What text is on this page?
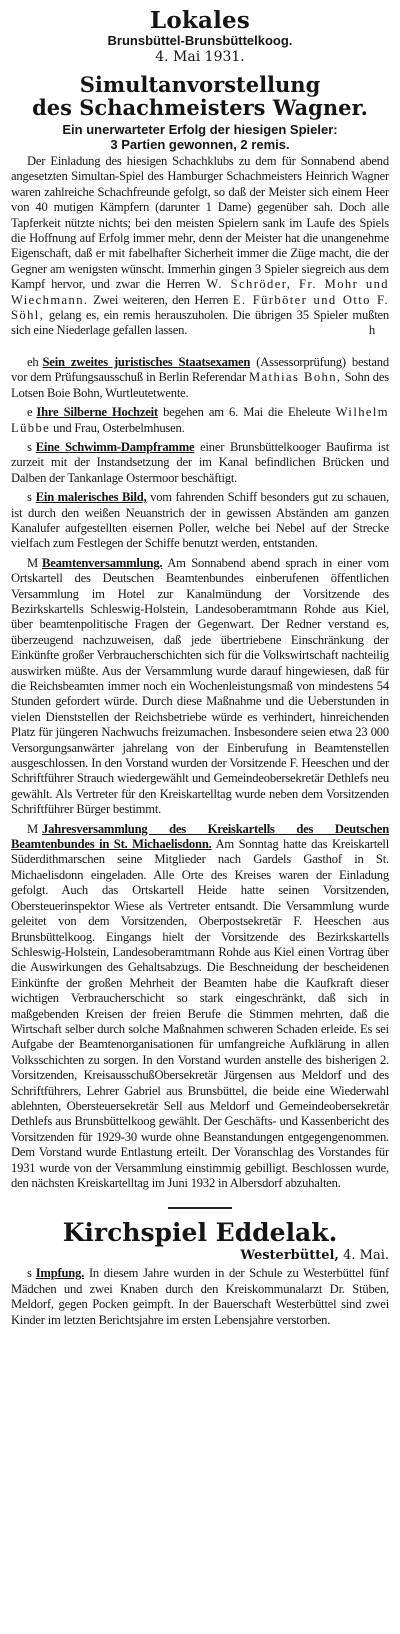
Lokales
Brunsbüttel-Brunsbüttelkoog.
4. Mai 1931.
Simultanvorstellung
des Schachmeisters Wagner.
Ein unerwarteter Erfolg der hiesigen Spieler:
3 Partien gewonnen, 2 remis.

Der Einladung des hiesigen Schachklubs zu dem für Sonnabend abend angesetzten Simultan-Spiel des Hamburger Schachmeisters Heinrich Wagner waren zahlreiche Schachfreunde gefolgt, so daß der Meister sich einem Heer von 40 mutigen Kämpfern (darunter 1 Dame) gegenüber sah. Doch alle Tapferkeit nützte nichts; bei den meisten Spielern sank im Laufe des Spiels die Hoffnung auf Erfolg immer mehr, denn der Meister hat die unangenehme Eigenschaft, daß er mit fabelhafter Sicherheit immer die Züge macht, die der Gegner am wenigsten wünscht. Immerhin gingen 3 Spieler siegreich aus dem Kampf hervor, und zwar die Herren W. Schröder, Fr. Mohr und Wiechmann. Zwei weiteren, den Herren E. Fürböter und Otto F. Söhl, gelang es, ein remis herauszuholen. Die übrigen 35 Spieler mußten sich eine Niederlage gefallen lassen.	h

eh Sein zweites juristisches Staatsexamen (Assessorprüfung) bestand vor dem Prüfungsausschuß in Berlin Referendar Mathias Bohn, Sohn des Lotsen Boie Bohn, Wurtleutetwente.

e Ihre Silberne Hochzeit begehen am 6. Mai die Eheleute Wilhelm Lübbe und Frau, Osterbelmhusen.

s Eine Schwimm-Dampframme einer Brunsbüttelkooger Baufirma ist zurzeit mit der Instandsetzung der im Kanal befindlichen Brücken und Dalben der Tankanlage Ostermoor beschäftigt.

s Ein malerisches Bild, vom fahrenden Schiff besonders gut zu schauen, ist durch den weißen Neuanstrich der in gewissen Abständen am ganzen Kanalufer aufgestellten eisernen Poller, welche bei Nebel auf der Strecke vielfach zum Festlegen der Schiffe benutzt werden, entstanden.

M Beamtenversammlung. Am Sonnabend abend sprach in einer vom Ortskartell des Deutschen Beamtenbundes einberufenen öffentlichen Versammlung im Hotel zur Kanalmündung der Vorsitzende des Bezirkskartells Schleswig-Holstein, Landesoberamtmann Rohde aus Kiel, über beamtenpolitische Fragen der Gegenwart. Der Redner verstand es, überzeugend nachzuweisen, daß jede übertriebene Einschränkung der Einkünfte großer Verbraucherschichten sich für die Volkswirtschaft nachteilig auswirken müßte. Aus der Versammlung wurde darauf hingewiesen, daß für die Reichsbeamten immer noch ein Wochenleistungsmaß von mindestens 54 Stunden gefordert würde. Durch diese Maßnahme und die Ueberstunden in vielen Dienststellen der Reichsbetriebe würde es verhindert, hinreichenden Platz für jüngeren Nachwuchs freizumachen. Insbesondere seien etwa 23 000 Versorgungsanwärter jahrelang von der Einberufung in Beamtenstellen ausgeschlossen. In den Vorstand wurden der Vorsitzende F. Heeschen und der Schriftführer Strauch wiedergewählt und Gemeindeobersekretär Dethlefs neu gewählt. Als Vertreter für den Kreiskartelltag wurde neben dem Vorsitzenden Schriftführer Bürger bestimmt.

M Jahresversammlung des Kreiskartells des Deutschen Beamtenbundes in St. Michaelisdonn. Am Sonntag hatte das Kreiskartell Süderdithmarschen seine Mitglieder nach Gardels Gasthof in St. Michaelisdonn eingeladen. Alle Orte des Kreises waren der Einladung gefolgt. Auch das Ortskartell Heide hatte seinen Vorsitzenden, Obersteuerinspektor Wiese als Vertreter entsandt. Die Versammlung wurde geleitet von dem Vorsitzenden, Oberpostsekretär F. Heeschen aus Brunsbüttelkoog. Eingangs hielt der Vorsitzende des Bezirkskartells Schleswig-Holstein, Landesoberamtmann Rohde aus Kiel einen Vortrag über die Auswirkungen des Gehaltsabzugs. Die Beschneidung der bescheidenen Einkünfte der großen Mehrheit der Beamten habe die Kaufkraft dieser wichtigen Verbraucherschicht so stark eingeschränkt, daß sich in maßgebenden Kreisen der freien Berufe die Stimmen mehrten, daß die Wirtschaft selber durch solche Maßnahmen schweren Schaden erleide. Es sei Aufgabe der Beamtenorganisationen für umfangreiche Aufklärung in allen Volksschichten zu sorgen. In den Vorstand wurden anstelle des bisherigen 2. Vorsitzenden, KreisausschußObersekretär Jürgensen aus Meldorf und des Schriftführers, Lehrer Gabriel aus Brunsbüttel, die beide eine Wiederwahl ablehnten, Obersteuersekretär Sell aus Meldorf und Gemeindeobersekretär Dethlefs aus Brunsbüttelkoog gewählt. Der Geschäfts- und Kassenbericht des Vorsitzenden für 1929-30 wurde ohne Beanstandungen entgegengenommen. Dem Vorstand wurde Entlastung erteilt. Der Voranschlag des Vorstandes für 1931 wurde von der Versammlung einstimmig gebilligt. Beschlossen wurde, den nächsten Kreiskartelltag im Juni 1932 in Albersdorf abzuhalten.

Kirchspiel Eddelak.
Westerbüttel, 4. Mai.

s Impfung. In diesem Jahre wurden in der Schule zu Westerbüttel fünf Mädchen und zwei Knaben durch den Kreiskommunalarzt Dr. Stüben, Meldorf, gegen Pocken geimpft. In der Bauerschaft Westerbüttel sind zwei Kinder im letzten Berichtsjahre im ersten Lebensjahre verstorben.
